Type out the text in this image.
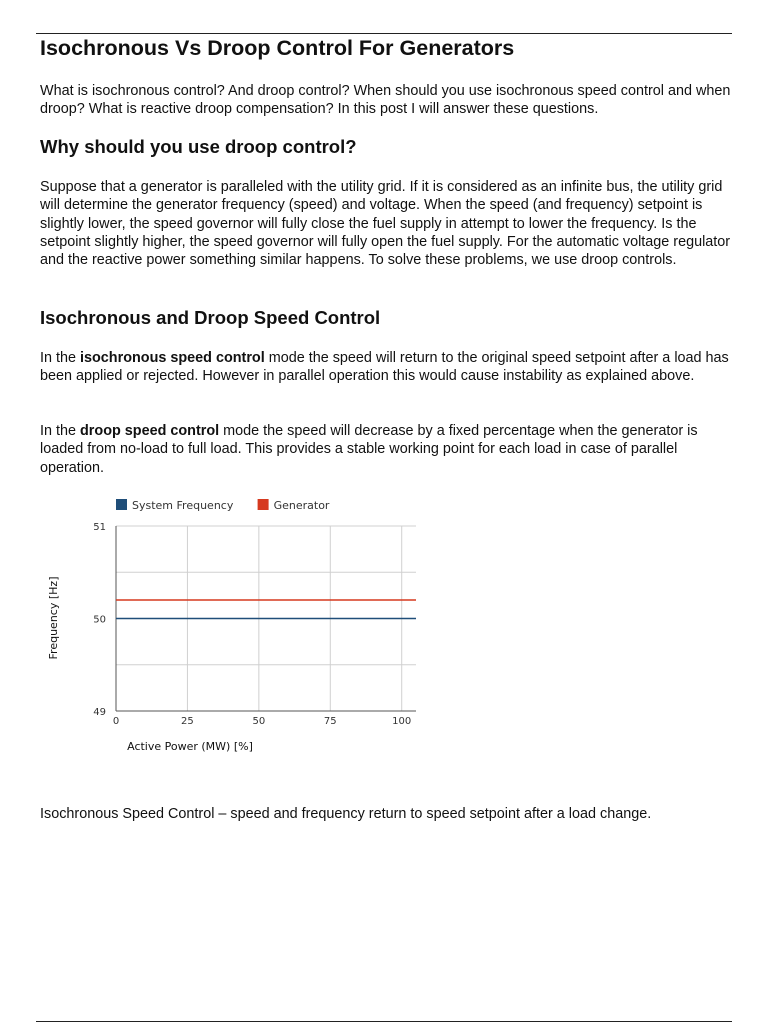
Isochronous Vs Droop Control For Generators

What is isochronous control? And droop control? When should you use isochronous speed control and when droop? What is reactive droop compensation? In this post I will answer these questions.

Why should you use droop control?

Suppose that a generator is paralleled with the utility grid. If it is considered as an infinite bus, the utility grid will determine the generator frequency (speed) and voltage. When the speed (and frequency) setpoint is slightly lower, the speed governor will fully close the fuel supply in attempt to lower the frequency. Is the setpoint slightly higher, the speed governor will fully open the fuel supply. For the automatic voltage regulator and the reactive power something similar happens. To solve these problems, we use droop controls.

Isochronous and Droop Speed Control

In the isochronous speed control mode the speed will return to the original speed setpoint after a load has been applied or rejected. However in parallel operation this would cause instability as explained above.

In the droop speed control mode the speed will decrease by a fixed percentage when the generator is loaded from no-load to full load. This provides a stable working point for each load in case of parallel operation.

49
50
51
0	25	50	75	100
System Frequency	Generator
Active Power (MW) [%]
Frequency [Hz]

Isochronous Speed Control – speed and frequency return to speed setpoint after a load change.
